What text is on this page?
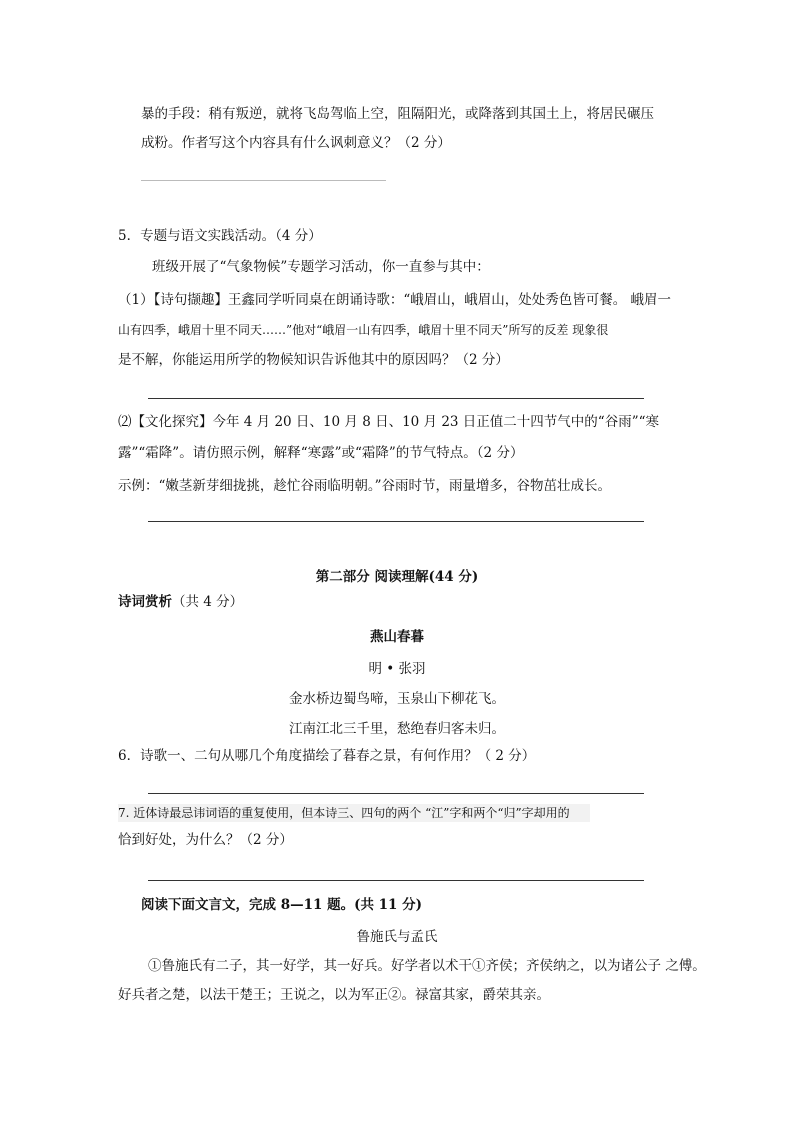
暴的手段：稍有叛逆，就将飞岛驾临上空，阻隔阳光，或降落到其国土上，将居民碾压
成粉。作者写这个内容具有什么讽刺意义？（2 分）
5．专题与语文实践活动。（4 分）
班级开展了“气象物候”专题学习活动，你一直参与其中：
（1）【诗句撷趣】王鑫同学听同桌在朗诵诗歌：“峨眉山，峨眉山，处处秀色皆可餐。 峨眉一
山有四季，峨眉十里不同天……”他对“峨眉一山有四季，峨眉十里不同天”所写的反差 现象很
是不解，你能运用所学的物候知识告诉他其中的原因吗？（2 分）
⑵【文化探究】今年 4 月 20 日、10 月 8 日、10 月 23 日正值二十四节气中的“谷雨”“寒
露”“霜降”。请仿照示例，解释“寒露”或“霜降”的节气特点。（2 分）
示例：“嫩茎新芽细拢挑，趁忙谷雨临明朝。”谷雨时节，雨量增多，谷物茁壮成长。
第二部分 阅读理解(44 分)
诗词赏析（共 4 分）
燕山春暮
明 • 张羽
金水桥边蜀鸟啼，玉泉山下柳花飞。
江南江北三千里，愁绝春归客未归。
6．诗歌一、二句从哪几个角度描绘了暮春之景，有何作用？（ 2 分）
7. 近体诗最忌讳词语的重复使用，但本诗三、四句的两个 “江”字和两个“归”字却用的
恰到好处，为什么？（2 分）
阅读下面文言文，完成 8—11 题。(共 11 分)
鲁施氏与孟氏
①鲁施氏有二子，其一好学，其一好兵。好学者以术干①齐侯；齐侯纳之，以为诸公子 之傅。
好兵者之楚，以法干楚王；王说之，以为军正②。禄富其家，爵荣其亲。
